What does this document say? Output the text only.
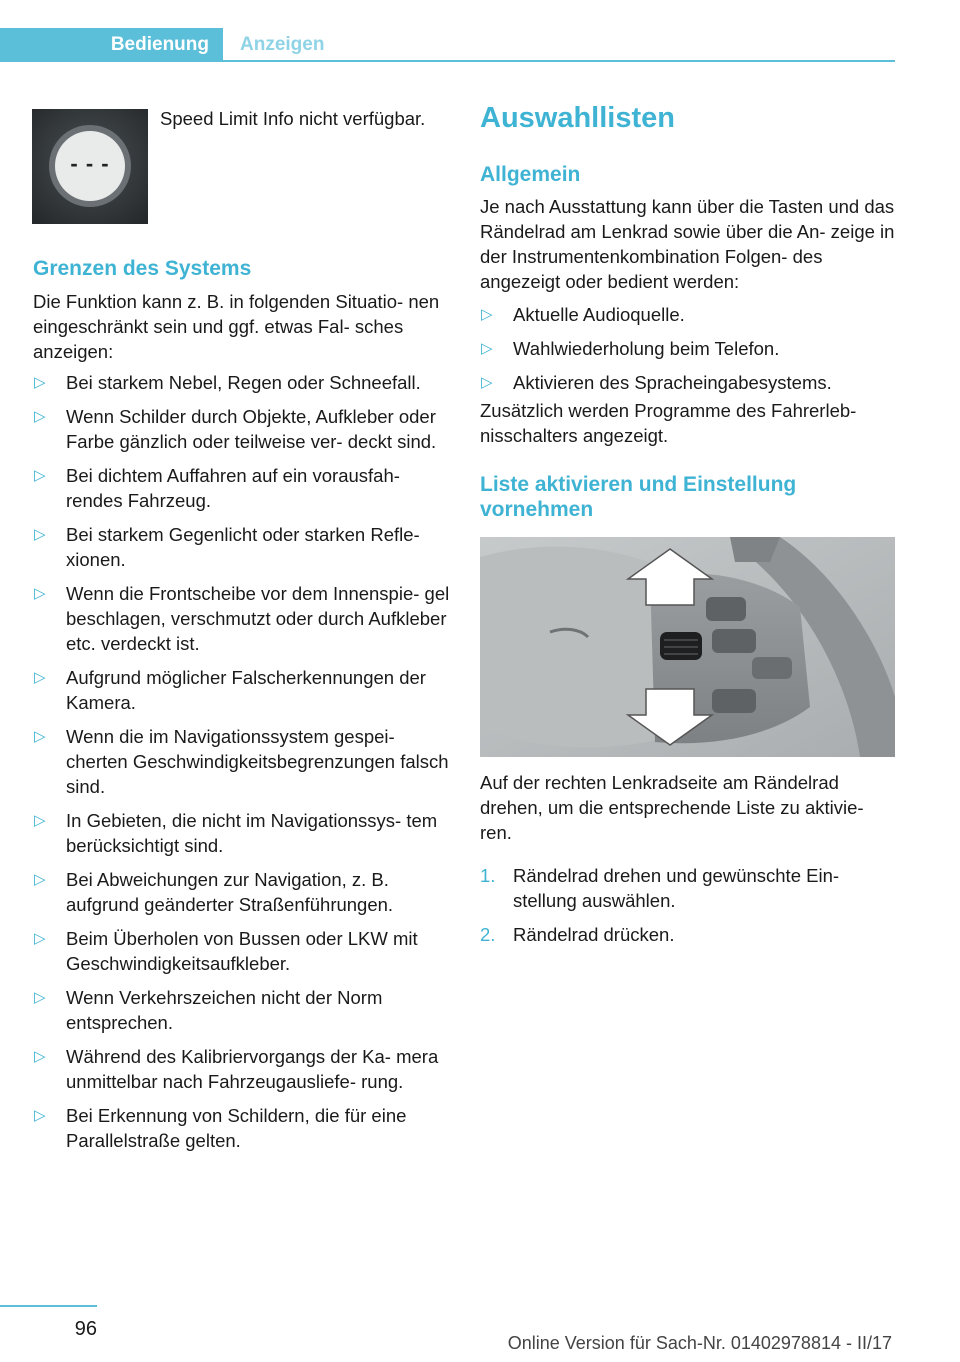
Bedienung	Anzeigen
- - -
Speed Limit Info nicht verfügbar.
Grenzen des Systems
Die Funktion kann z. B. in folgenden Situatio‐ nen eingeschränkt sein und ggf. etwas Fal‐ sches anzeigen:
▷ Bei starkem Nebel, Regen oder Schneefall.
▷ Wenn Schilder durch Objekte, Aufkleber oder Farbe gänzlich oder teilweise ver‐ deckt sind.
▷ Bei dichtem Auffahren auf ein vorausfah‐ rendes Fahrzeug.
▷ Bei starkem Gegenlicht oder starken Refle‐ xionen.
▷ Wenn die Frontscheibe vor dem Innenspie‐ gel beschlagen, verschmutzt oder durch Aufkleber etc. verdeckt ist.
▷ Aufgrund möglicher Falscherkennungen der Kamera.
▷ Wenn die im Navigationssystem gespei‐ cherten Geschwindigkeitsbegrenzungen falsch sind.
▷ In Gebieten, die nicht im Navigationssys‐ tem berücksichtigt sind.
▷ Bei Abweichungen zur Navigation, z. B. aufgrund geänderter Straßenführungen.
▷ Beim Überholen von Bussen oder LKW mit Geschwindigkeitsaufkleber.
▷ Wenn Verkehrszeichen nicht der Norm entsprechen.
▷ Während des Kalibriervorgangs der Ka‐ mera unmittelbar nach Fahrzeugausliefe‐ rung.
▷ Bei Erkennung von Schildern, die für eine Parallelstraße gelten.
Auswahllisten
Allgemein
Je nach Ausstattung kann über die Tasten und das Rändelrad am Lenkrad sowie über die An‐ zeige in der Instrumentenkombination Folgen‐ des angezeigt oder bedient werden:
▷ Aktuelle Audioquelle.
▷ Wahlwiederholung beim Telefon.
▷ Aktivieren des Spracheingabesystems.
Zusätzlich werden Programme des Fahrerleb‐ nisschalters angezeigt.
Liste aktivieren und Einstellung vornehmen
Auf der rechten Lenkradseite am Rändelrad drehen, um die entsprechende Liste zu aktivie‐ ren.
1. Rändelrad drehen und gewünschte Ein‐ stellung auswählen.
2. Rändelrad drücken.
96
Online Version für Sach-Nr. 01402978814 - II/17
